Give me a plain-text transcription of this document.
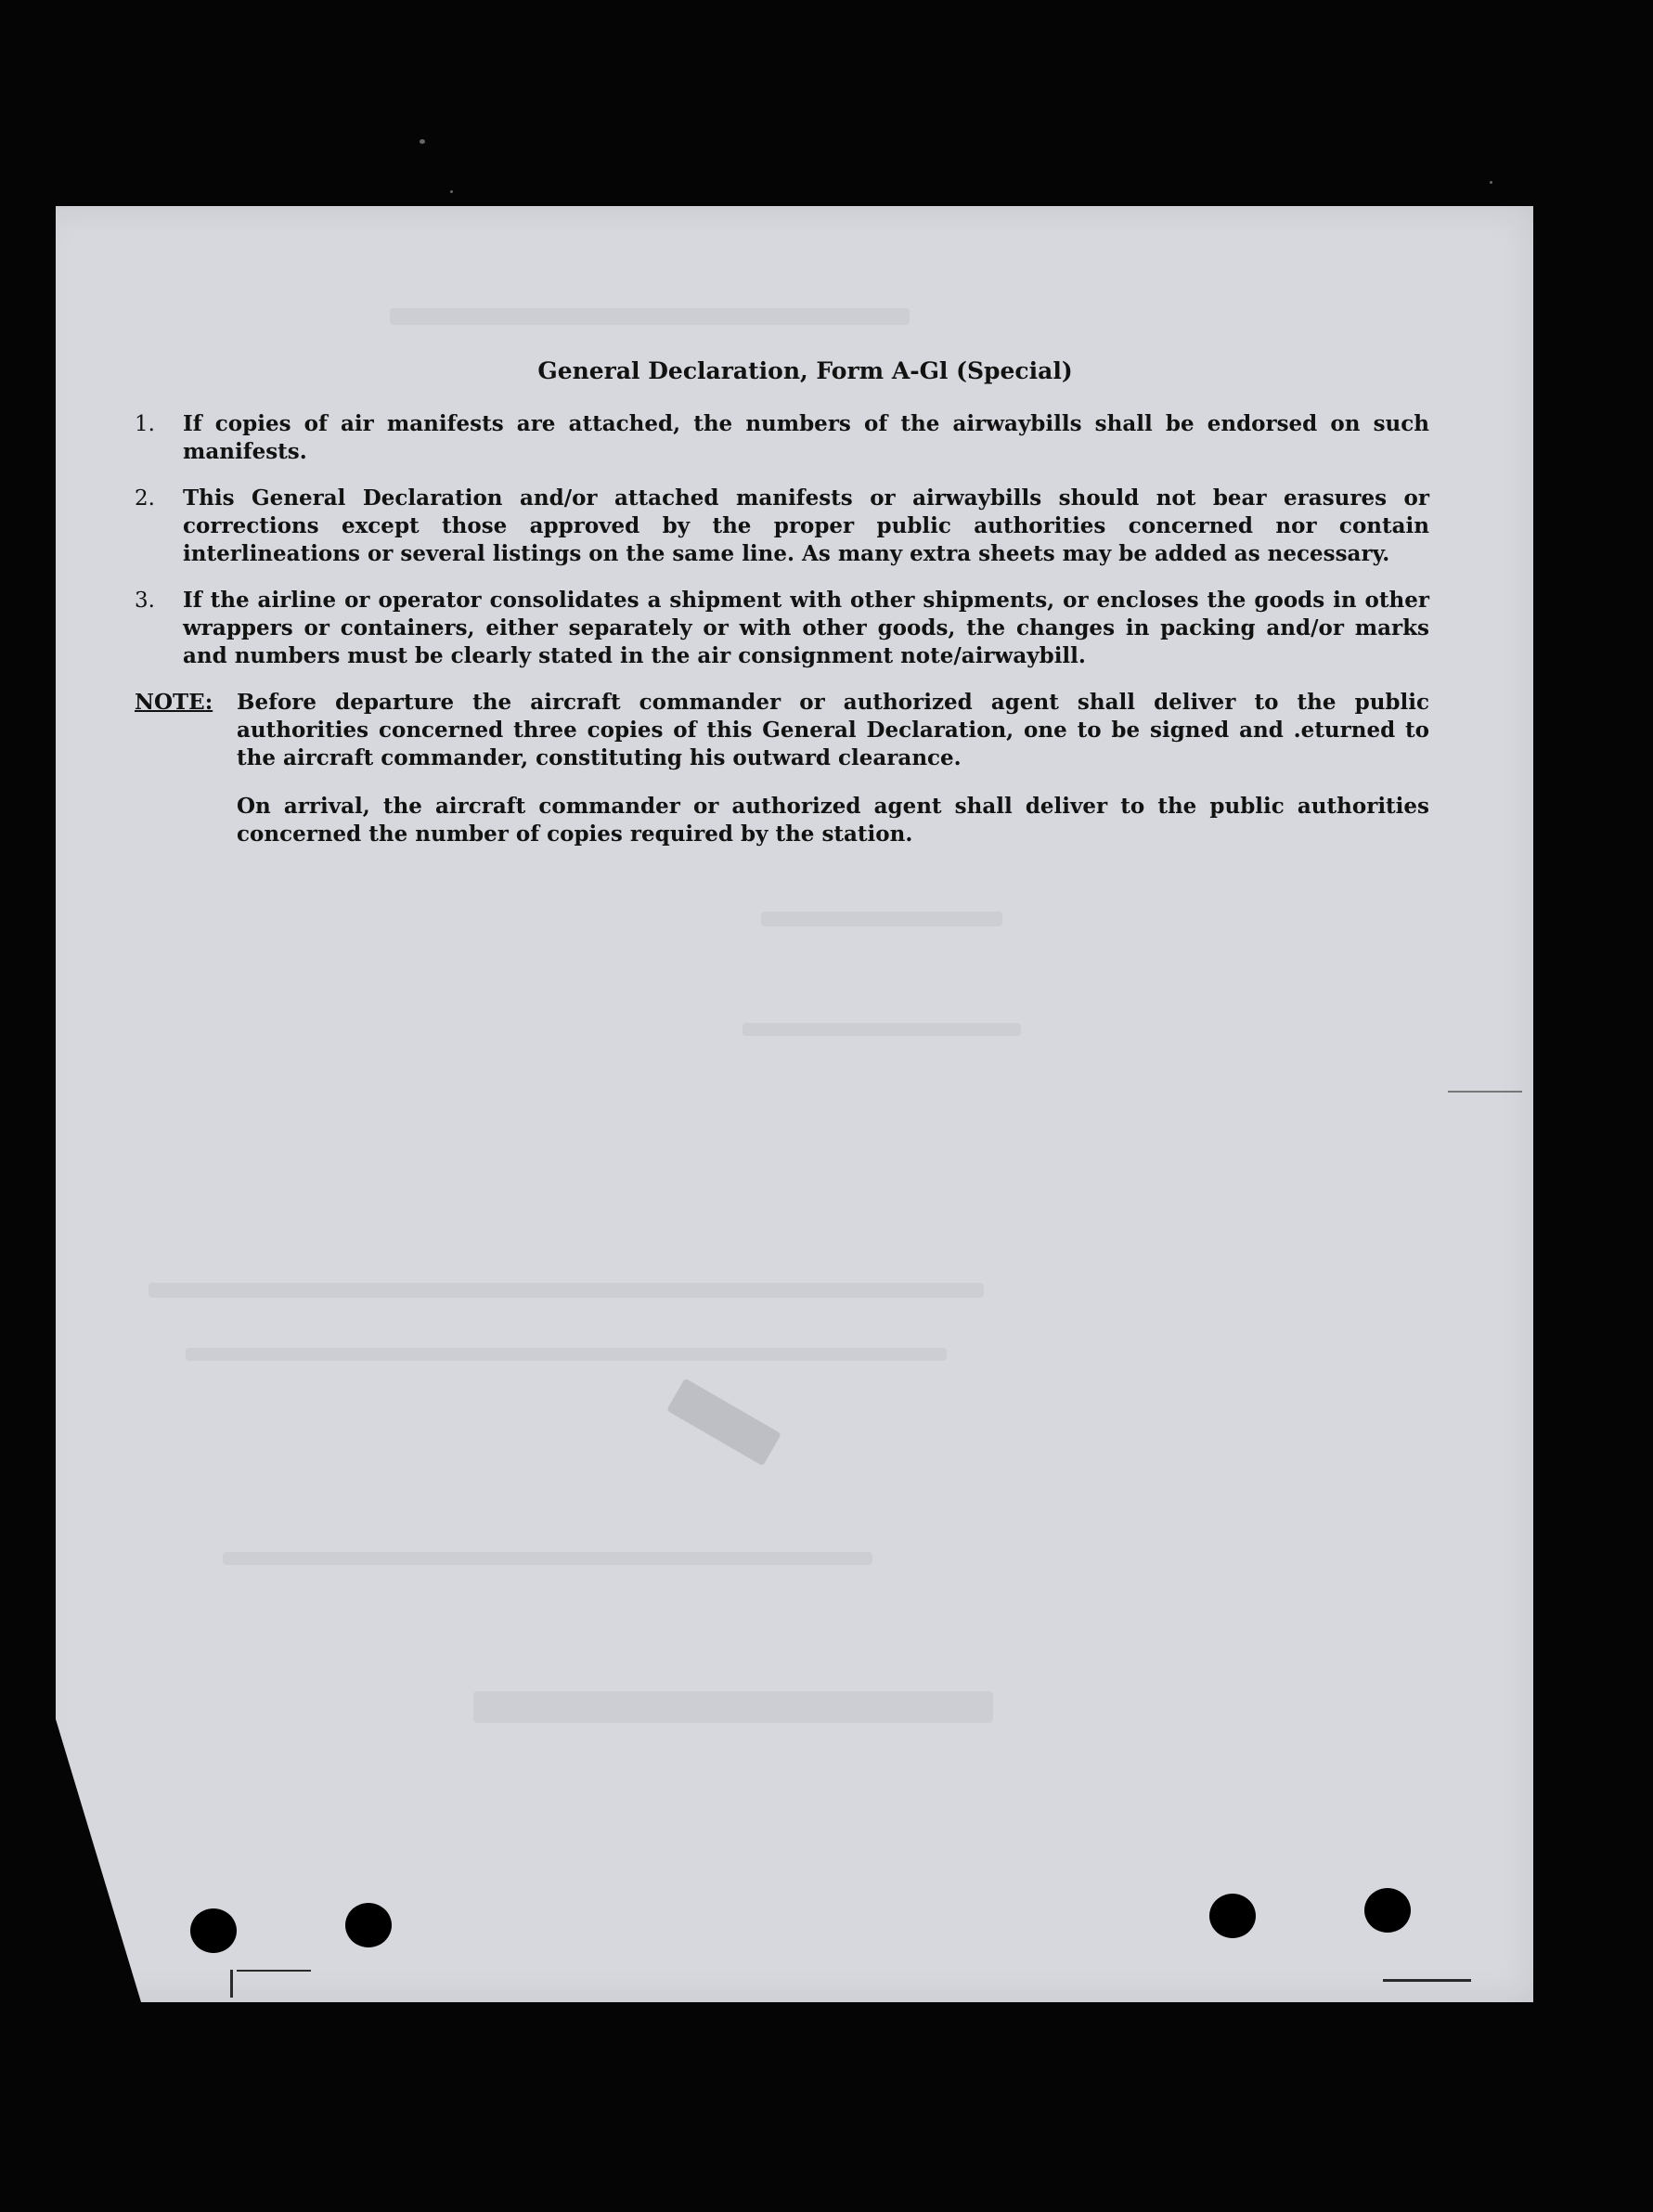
General Declaration, Form A-Gl (Special)
1.	If copies of air manifests are attached, the numbers of the airwaybills shall be endorsed on such manifests.
2.	This General Declaration and/or attached manifests or airwaybills should not bear erasures or corrections except those approved by the proper public authorities concerned nor contain interlineations or several listings on the same line. As many extra sheets may be added as necessary.
3.	If the airline or operator consolidates a shipment with other shipments, or encloses the goods in other wrappers or containers, either separately or with other goods, the changes in packing and/or marks and numbers must be clearly stated in the air consignment note/airwaybill.
NOTE:	Before departure the aircraft commander or authorized agent shall deliver to the public authorities concerned three copies of this General Declaration, one to be signed and .eturned to the aircraft commander, constituting his outward clearance.
On arrival, the aircraft commander or authorized agent shall deliver to the public authorities concerned the number of copies required by the station.
